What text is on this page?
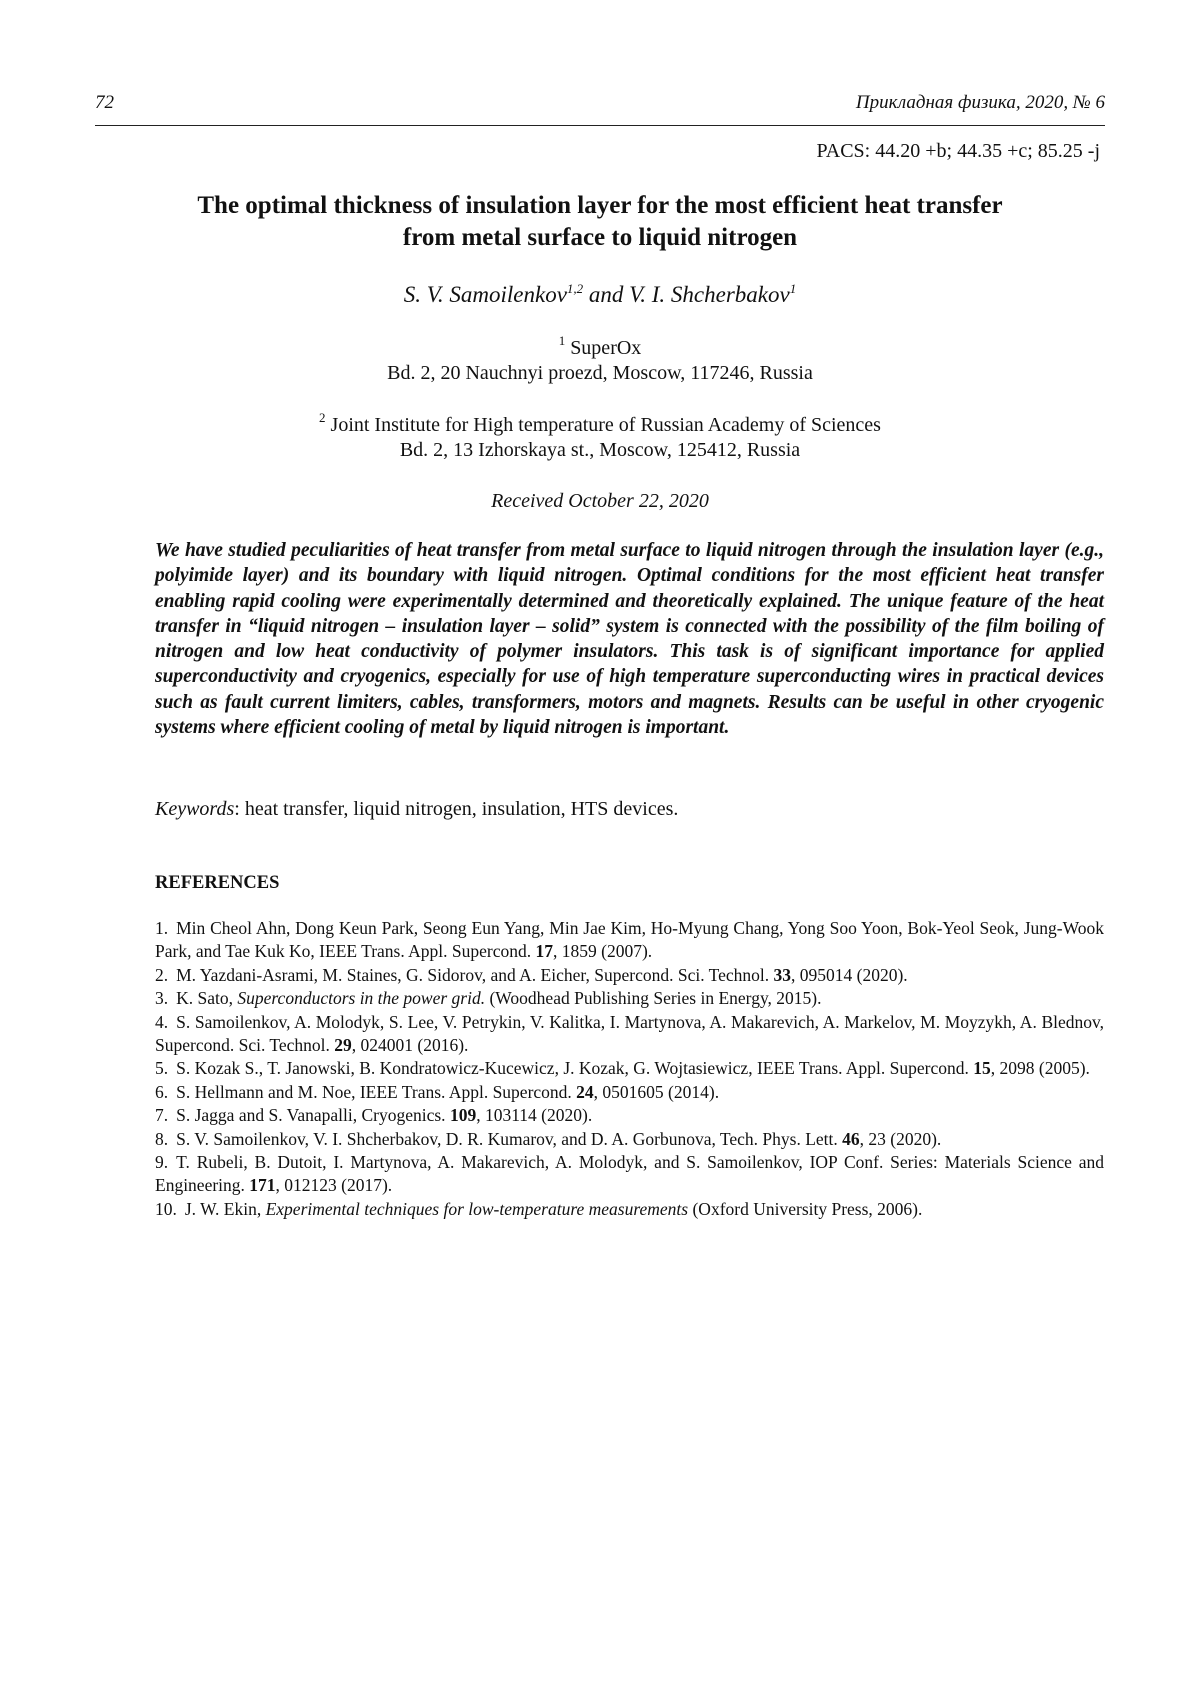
72	Прикладная физика, 2020, № 6
PACS: 44.20 +b; 44.35 +c; 85.25 -j
The optimal thickness of insulation layer for the most efficient heat transfer
from metal surface to liquid nitrogen
S. V. Samoilenkov1,2 and V. I. Shcherbakov1
1 SuperOx
Bd. 2, 20 Nauchnyi proezd, Moscow, 117246, Russia
2 Joint Institute for High temperature of Russian Academy of Sciences
Bd. 2, 13 Izhorskaya st., Moscow, 125412, Russia
Received October 22, 2020

We have studied peculiarities of heat transfer from metal surface to liquid nitrogen through the insulation layer (e.g., polyimide layer) and its boundary with liquid nitrogen. Optimal conditions for the most efficient heat transfer enabling rapid cooling were experimentally determined and theoretically explained. The unique feature of the heat transfer in “liquid nitrogen – insulation layer – solid” system is connected with the possibility of the film boiling of nitrogen and low heat conductivity of polymer insulators. This task is of significant importance for applied superconductivity and cryogenics, especially for use of high temperature superconducting wires in practical devices such as fault current limiters, cables, transformers, motors and magnets. Results can be useful in other cryogenic systems where efficient cooling of metal by liquid nitrogen is important.

Keywords: heat transfer, liquid nitrogen, insulation, HTS devices.
REFERENCES
1. Min Cheol Ahn, Dong Keun Park, Seong Eun Yang, Min Jae Kim, Ho-Myung Chang, Yong Soo Yoon, Bok-Yeol Seok, Jung-Wook Park, and Tae Kuk Ko, IEEE Trans. Appl. Supercond. 17, 1859 (2007).
2. M. Yazdani-Asrami, M. Staines, G. Sidorov, and A. Eicher, Supercond. Sci. Technol. 33, 095014 (2020).
3. K. Sato, Superconductors in the power grid. (Woodhead Publishing Series in Energy, 2015).
4. S. Samoilenkov, A. Molodyk, S. Lee, V. Petrykin, V. Kalitka, I. Martynova, A. Makarevich, A. Markelov, M. Moyzykh, A. Blednov, Supercond. Sci. Technol. 29, 024001 (2016).
5. S. Kozak S., T. Janowski, B. Kondratowicz-Kucewicz, J. Kozak, G. Wojtasiewicz, IEEE Trans. Appl. Supercond. 15, 2098 (2005).
6. S. Hellmann and M. Noe, IEEE Trans. Appl. Supercond. 24, 0501605 (2014).
7. S. Jagga and S. Vanapalli, Cryogenics. 109, 103114 (2020).
8. S. V. Samoilenkov, V. I. Shcherbakov, D. R. Kumarov, and D. A. Gorbunova, Tech. Phys. Lett. 46, 23 (2020).
9. T. Rubeli, B. Dutoit, I. Martynova, A. Makarevich, A. Molodyk, and S. Samoilenkov, IOP Conf. Series: Materials Science and Engineering. 171, 012123 (2017).
10. J. W. Ekin, Experimental techniques for low-temperature measurements (Oxford University Press, 2006).
